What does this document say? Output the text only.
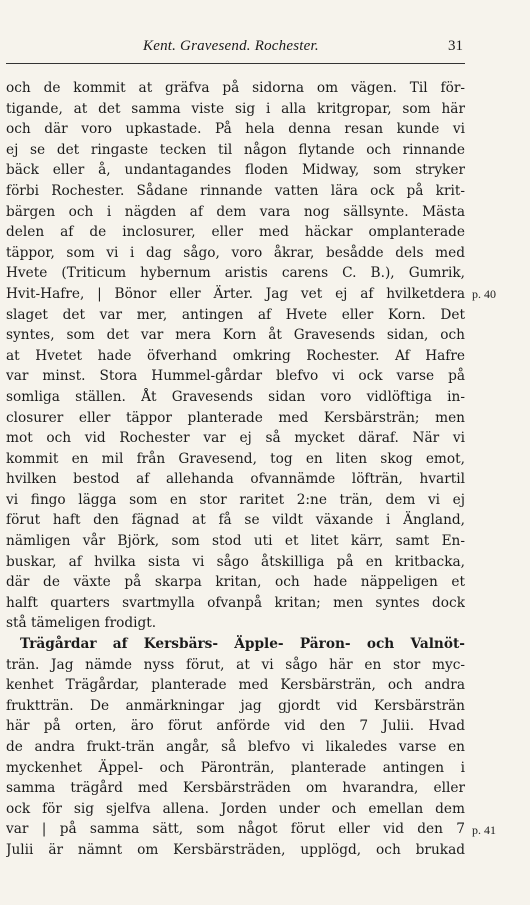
Kent. Gravesend. Rochester.	31
och de kommit at gräfva på sidorna om vägen. Til för-
tigande, at det samma viste sig i alla kritgropar, som här
och där voro upkastade. På hela denna resan kunde vi
ej se det ringaste tecken til någon flytande och rinnande
bäck eller å, undantagandes floden Midway, som stryker
förbi Rochester. Sådane rinnande vatten lära ock på krit-
bärgen och i nägden af dem vara nog sällsynte. Mästa
delen af de inclosurer, eller med häckar omplanterade
täppor, som vi i dag sågo, voro åkrar, besådde dels med
Hvete (Triticum hybernum aristis carens C. B.), Gumrik,
Hvit-Hafre, | Bönor eller Ärter. Jag vet ej af hvilketdera
slaget det var mer, antingen af Hvete eller Korn. Det
syntes, som det var mera Korn åt Gravesends sidan, och
at Hvetet hade öfverhand omkring Rochester. Af Hafre
var minst. Stora Hummel-gårdar blefvo vi ock varse på
somliga ställen. Åt Gravesends sidan voro vidlöftiga in-
closurer eller täppor planterade med Kersbärsträn; men
mot och vid Rochester var ej så mycket däraf. När vi
kommit en mil från Gravesend, tog en liten skog emot,
hvilken bestod af allehanda ofvannämde löfträn, hvartil
vi fingo lägga som en stor raritet 2:ne trän, dem vi ej
förut haft den fägnad at få se vildt växande i Ängland,
nämligen vår Björk, som stod uti et litet kärr, samt En-
buskar, af hvilka sista vi sågo åtskilliga på en kritbacka,
där de växte på skarpa kritan, och hade näppeligen et
halft quarters svartmylla ofvanpå kritan; men syntes dock
stå tämeligen frodigt.
Trägårdar af Kersbärs- Äpple- Päron- och Valnöt-
trän. Jag nämde nyss förut, at vi sågo här en stor myc-
kenhet Trägårdar, planterade med Kersbärsträn, och andra
fruktträn. De anmärkningar jag gjordt vid Kersbärsträn
här på orten, äro förut anförde vid den 7 Julii. Hvad
de andra frukt-trän angår, så blefvo vi likaledes varse en
myckenhet Äppel- och Päronträn, planterade antingen i
samma trägård med Kersbärsträden om hvarandra, eller
ock för sig sjelfva allena. Jorden under och emellan dem
var | på samma sätt, som något förut eller vid den 7
Julii är nämnt om Kersbärsträden, upplögd, och brukad
p. 40
p. 41
